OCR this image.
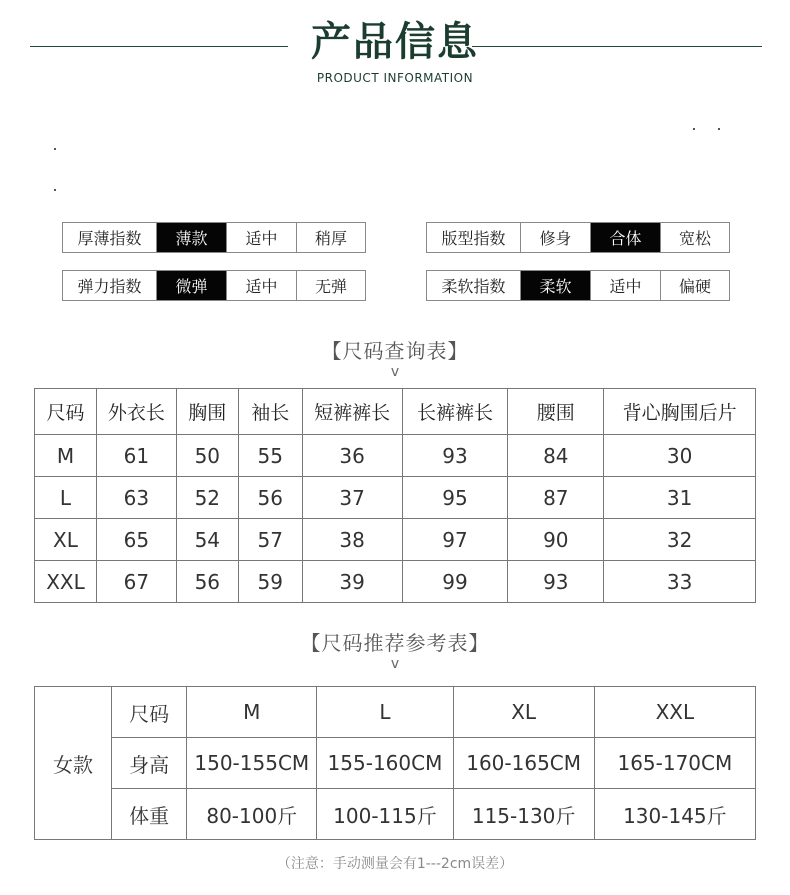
产品信息
PRODUCT INFORMATION
厚薄指数	薄款	适中	稍厚	版型指数	修身	合体	宽松
弹力指数	微弹	适中	无弹	柔软指数	柔软	适中	偏硬
【尺码查询表】
v
尺码	外衣长	胸围	袖长	短裤裤长	长裤裤长	腰围	背心胸围后片
M	61	50	55	36	93	84	30
L	63	52	56	37	95	87	31
XL	65	54	57	38	97	90	32
XXL	67	56	59	39	99	93	33
【尺码推荐参考表】
v
女款	尺码	M	L	XL	XXL
	身高	150-155CM	155-160CM	160-165CM	165-170CM
	体重	80-100斤	100-115斤	115-130斤	130-145斤
（注意：手动测量会有1---2cm误差）
